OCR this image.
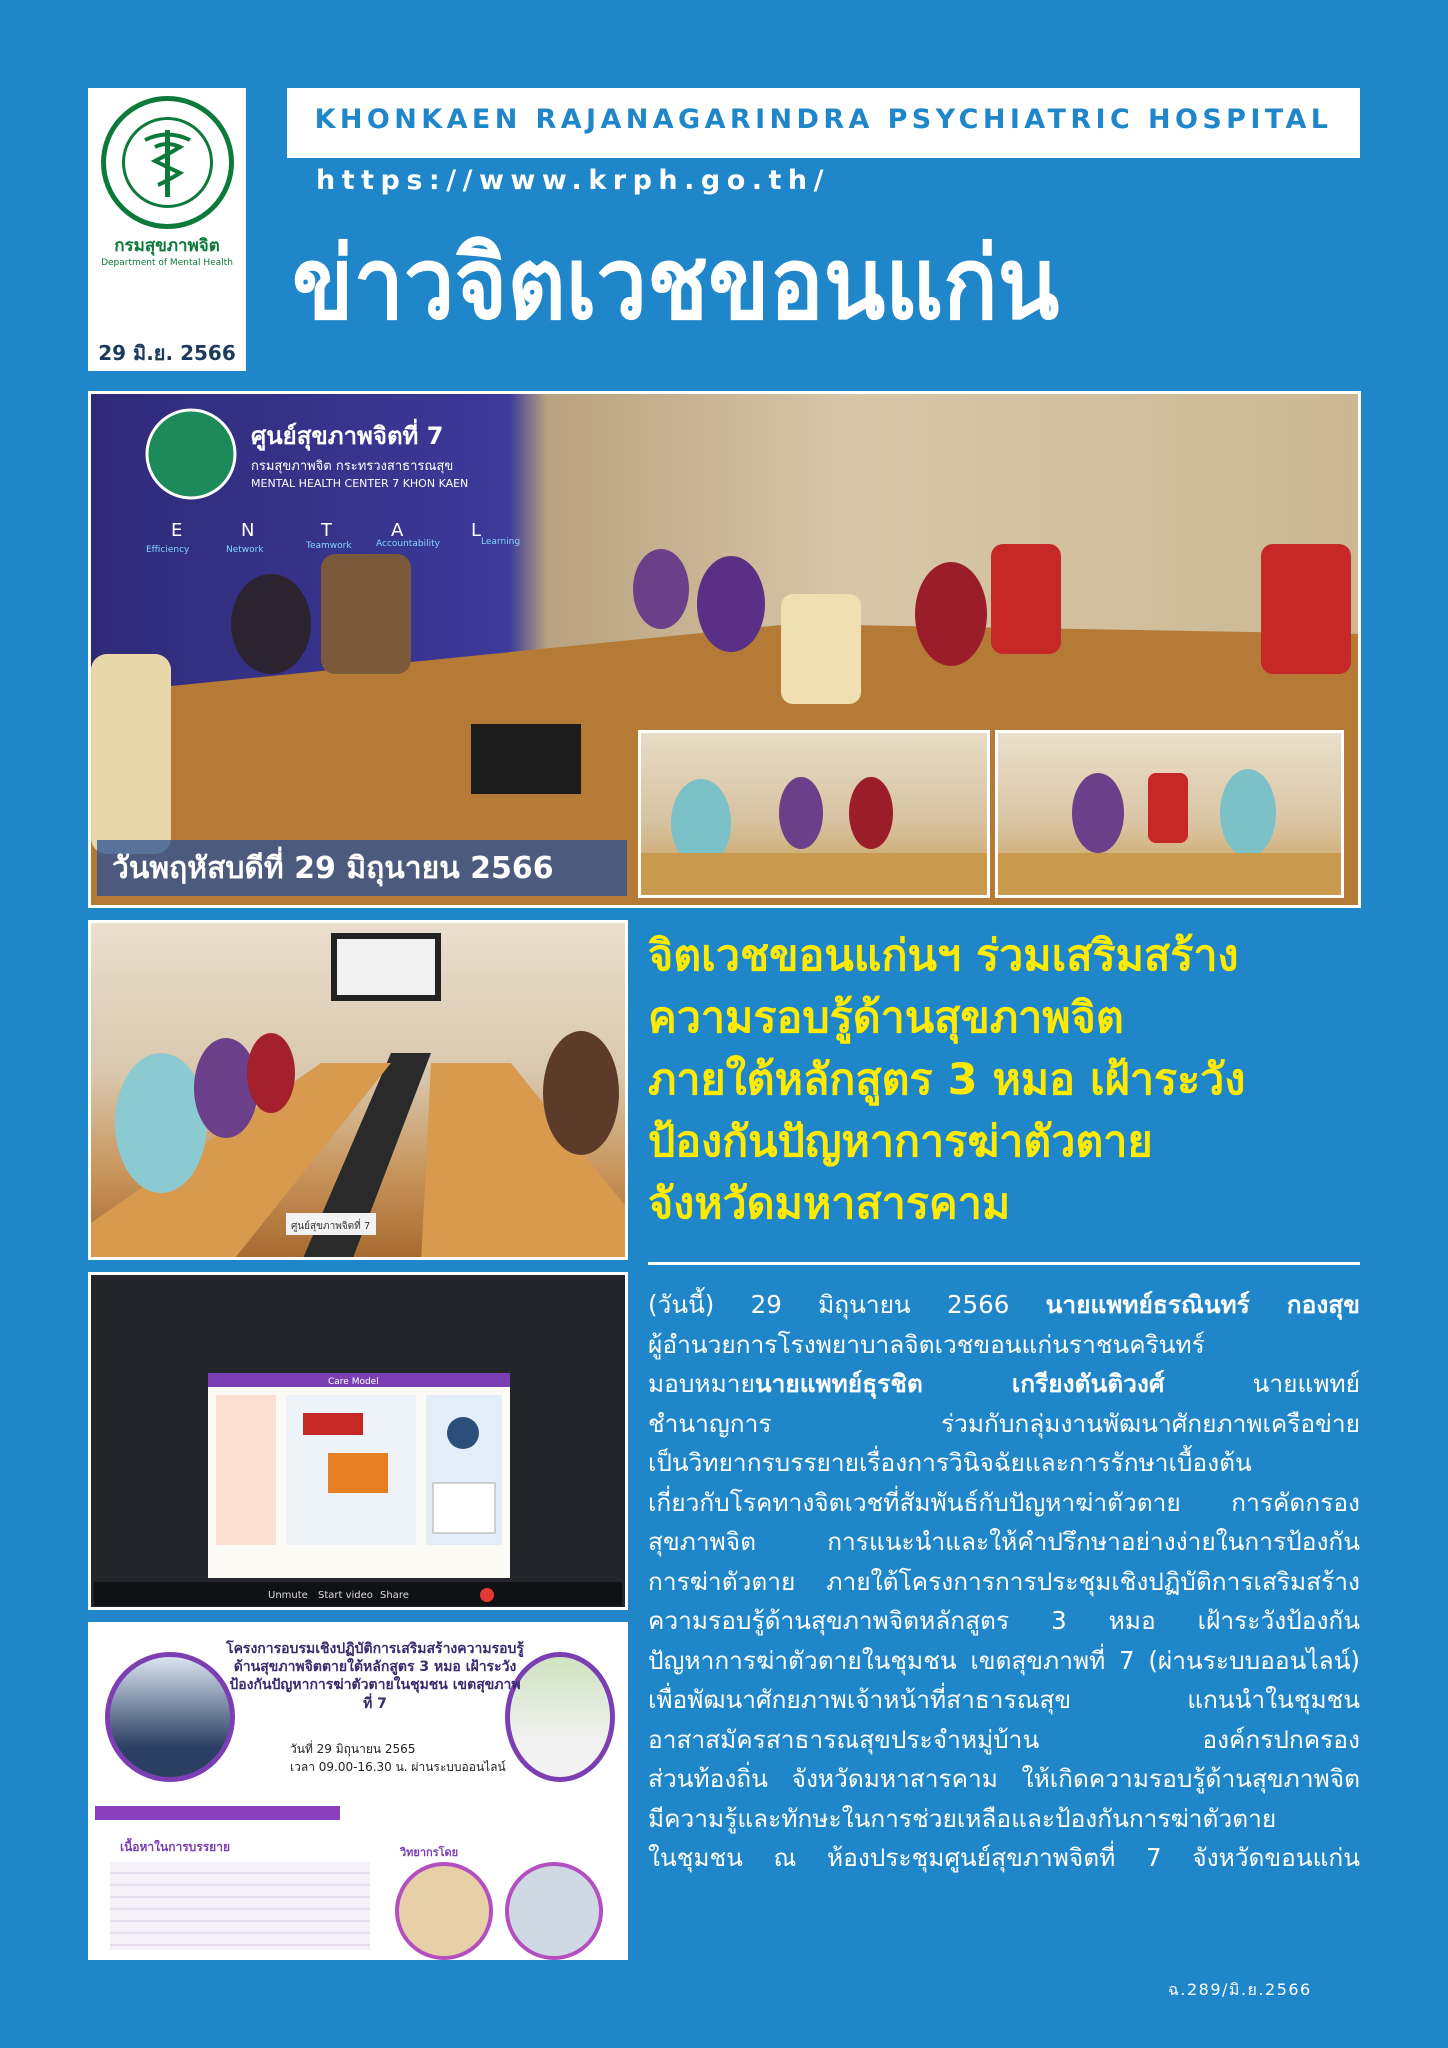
กรมสุขภาพจิต
Department of Mental Health
29 มิ.ย. 2566
KHONKAEN RAJANAGARINDRA PSYCHIATRIC HOSPITAL
https://www.krph.go.th/
ข่าวจิตเวชขอนแก่น
ศูนย์สุขภาพจิตที่ 7
กรมสุขภาพจิต กระทรวงสาธารณสุข
MENTAL HEALTH CENTER 7 KHON KAEN
E	N	T	A	L
Efficiency	Network	Teamwork	Accountability	Learning
วันพฤหัสบดีที่ 29 มิถุนายน 2566
ศูนย์สุขภาพจิตที่ 7
Care Model
Unmute Start video Share
โครงการอบรมเชิงปฏิบัติการเสริมสร้างความรอบรู้ด้านสุขภาพจิตตายใต้หลักสูตร 3 หมอ เฝ้าระวังป้องกันปัญหาการฆ่าตัวตายในชุมชน เขตสุขภาพที่ 7
วันที่ 29 มิถุนายน 2565
เวลา 09.00-16.30 น. ผ่านระบบออนไลน์
เนื้อหาในการบรรยาย	วิทยากรโดย
จิตเวชขอนแก่นฯ ร่วมเสริมสร้าง
ความรอบรู้ด้านสุขภาพจิต
ภายใต้หลักสูตร 3 หมอ เฝ้าระวัง
ป้องกันปัญหาการฆ่าตัวตาย
จังหวัดมหาสารคาม
(วันนี้) 29 มิถุนายน 2566 นายแพทย์ธรณินทร์ กองสุข
ผู้อำนวยการโรงพยาบาลจิตเวชขอนแก่นราชนครินทร์
มอบหมายนายแพทย์ธุรชิต เกรียงตันติวงศ์ นายแพทย์
ชำนาญการ ร่วมกับกลุ่มงานพัฒนาศักยภาพเครือข่าย
เป็นวิทยากรบรรยายเรื่องการวินิจฉัยและการรักษาเบื้องต้น
เกี่ยวกับโรคทางจิตเวชที่สัมพันธ์กับปัญหาฆ่าตัวตาย การคัดกรอง
สุขภาพจิต การแนะนำและให้คำปรึกษาอย่างง่ายในการป้องกัน
การฆ่าตัวตาย ภายใต้โครงการการประชุมเชิงปฏิบัติการเสริมสร้าง
ความรอบรู้ด้านสุขภาพจิตหลักสูตร 3 หมอ เฝ้าระวังป้องกัน
ปัญหาการฆ่าตัวตายในชุมชน เขตสุขภาพที่ 7 (ผ่านระบบออนไลน์)
เพื่อพัฒนาศักยภาพเจ้าหน้าที่สาธารณสุข แกนนำในชุมชน
อาสาสมัครสาธารณสุขประจำหมู่บ้าน องค์กรปกครอง
ส่วนท้องถิ่น จังหวัดมหาสารคาม ให้เกิดความรอบรู้ด้านสุขภาพจิต
มีความรู้และทักษะในการช่วยเหลือและป้องกันการฆ่าตัวตาย
ในชุมชน ณ ห้องประชุมศูนย์สุขภาพจิตที่ 7 จังหวัดขอนแก่น
ฉ.289/มิ.ย.2566
